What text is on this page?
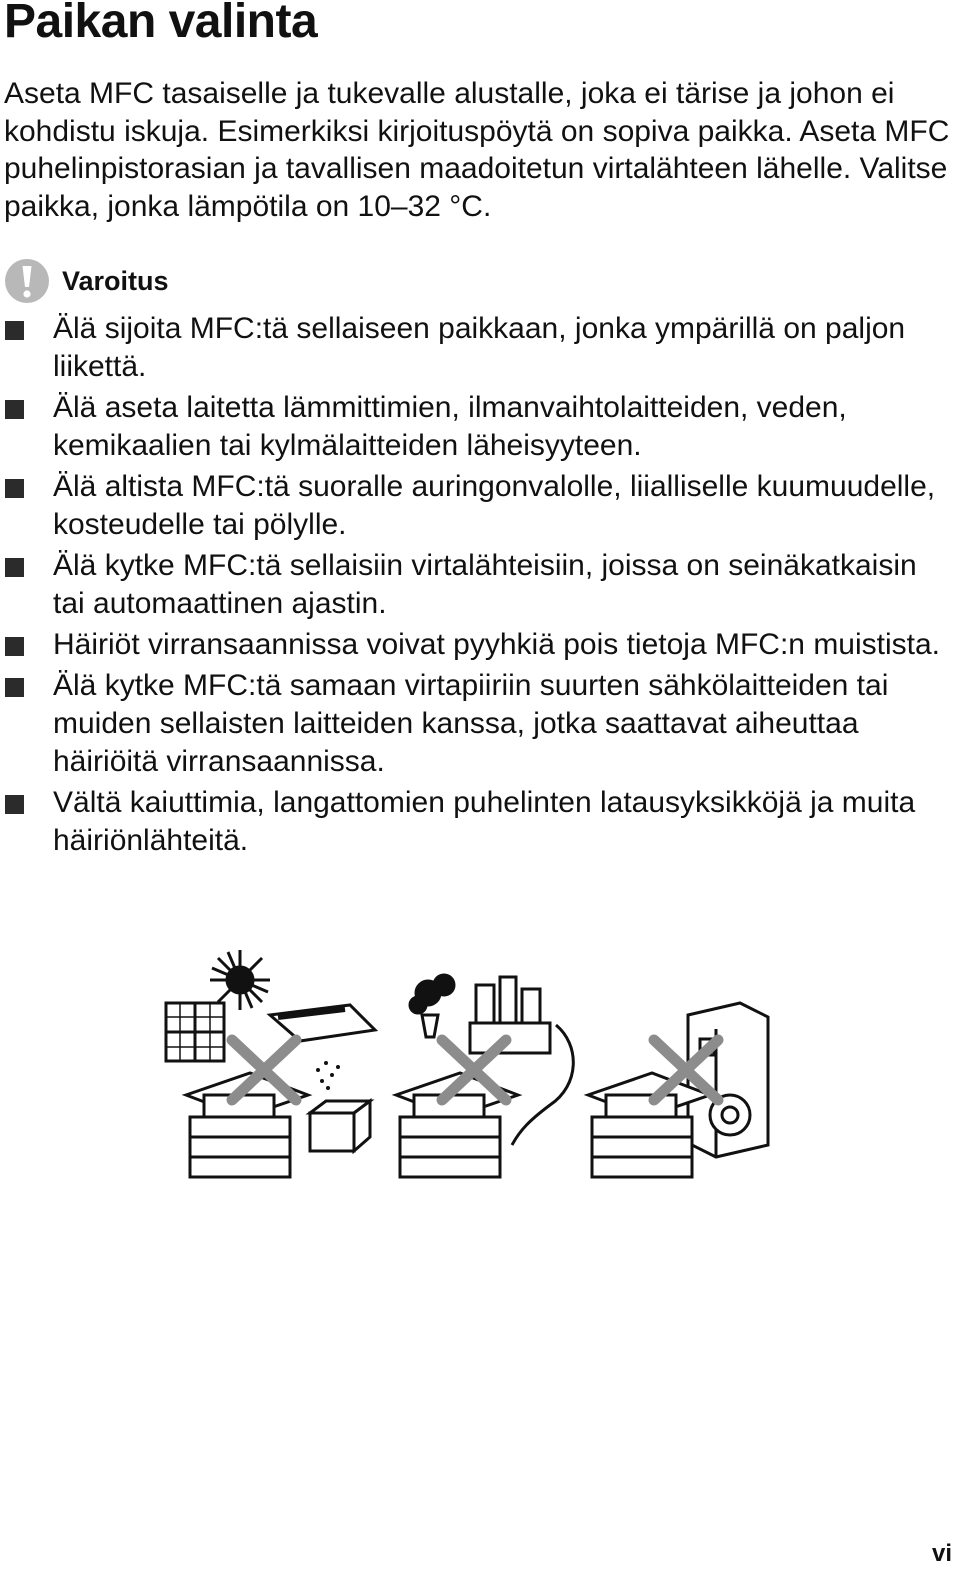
Paikan valinta

Aseta MFC tasaiselle ja tukevalle alustalle, joka ei tärise ja johon ei kohdistu iskuja. Esimerkiksi kirjoituspöytä on sopiva paikka. Aseta MFC puhelinpistorasian ja tavallisen maadoitetun virtalähteen lähelle. Valitse paikka, jonka lämpötila on 10–32 °C.

Varoitus
Älä sijoita MFC:tä sellaiseen paikkaan, jonka ympärillä on paljon liikettä.
Älä aseta laitetta lämmittimien, ilmanvaihtolaitteiden, veden, kemikaalien tai kylmälaitteiden läheisyyteen.
Älä altista MFC:tä suoralle auringonvalolle, liialliselle kuumuudelle, kosteudelle tai pölylle.
Älä kytke MFC:tä sellaisiin virtalähteisiin, joissa on seinäkatkaisin tai automaattinen ajastin.
Häiriöt virransaannissa voivat pyyhkiä pois tietoja MFC:n muistista.
Älä kytke MFC:tä samaan virtapiiriin suurten sähkölaitteiden tai muiden sellaisten laitteiden kanssa, jotka saattavat aiheuttaa häiriöitä virransaannissa.
Vältä kaiuttimia, langattomien puhelinten latausyksikköjä ja muita häiriönlähteitä.
vi
